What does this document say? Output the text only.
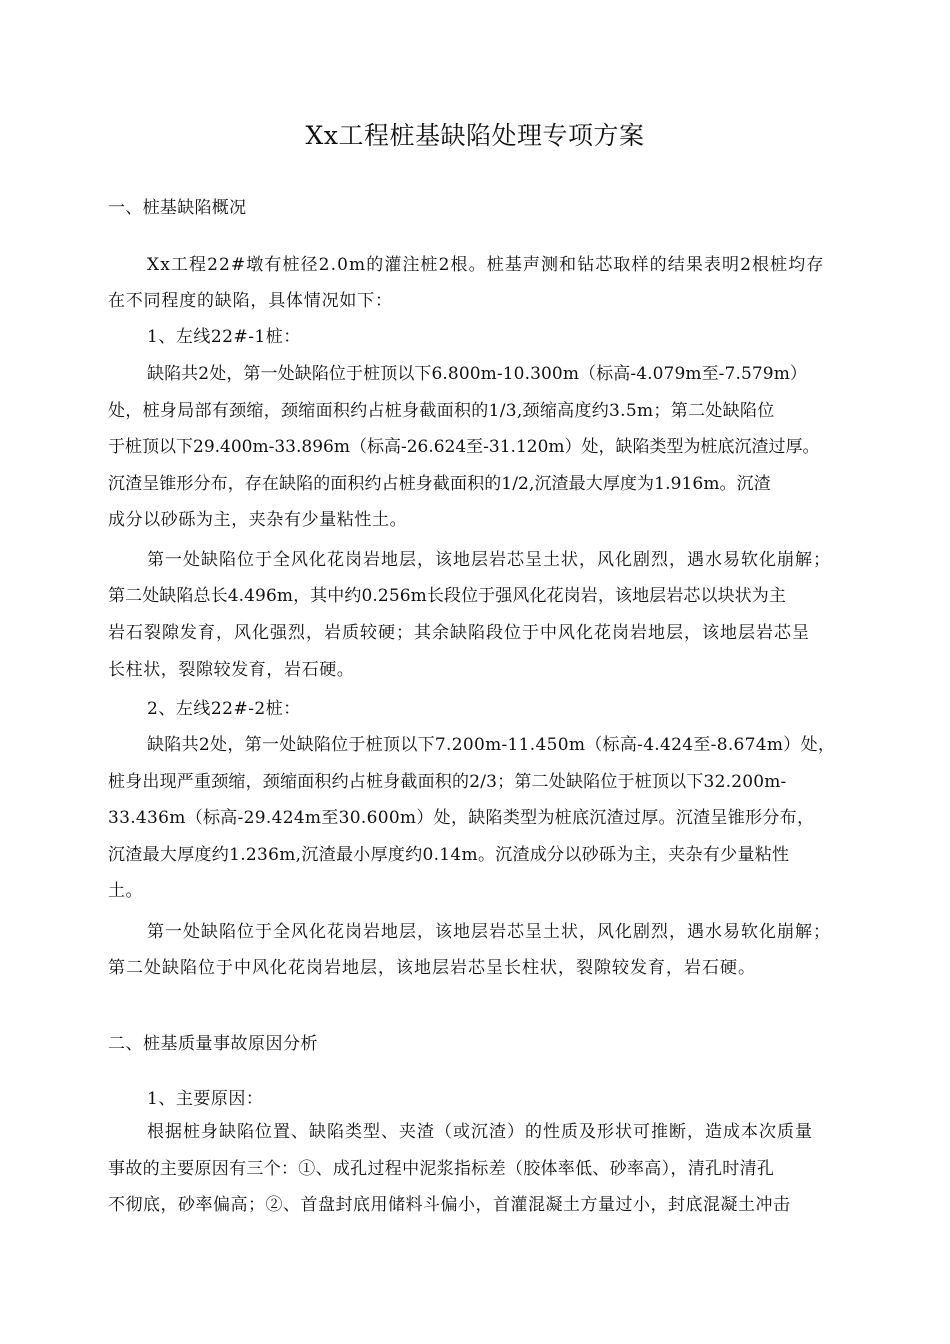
Xx工程桩基缺陷处理专项方案
一、桩基缺陷概况
Xx工程22#墩有桩径2.0m的灌注桩2根。桩基声测和钻芯取样的结果表明2根桩均存
在不同程度的缺陷，具体情况如下：
1、左线22#-1桩：
缺陷共2处，第一处缺陷位于桩顶以下6.800m-10.300m（标高-4.079m至-7.579m）
处，桩身局部有颈缩，颈缩面积约占桩身截面积的1/3,颈缩高度约3.5m；第二处缺陷位
于桩顶以下29.400m-33.896m（标高-26.624至-31.120m）处，缺陷类型为桩底沉渣过厚。
沉渣呈锥形分布，存在缺陷的面积约占桩身截面积的1/2,沉渣最大厚度为1.916m。沉渣
成分以砂砾为主，夹杂有少量粘性土。
第一处缺陷位于全风化花岗岩地层，该地层岩芯呈土状，风化剧烈，遇水易软化崩解；
第二处缺陷总长4.496m，其中约0.256m长段位于强风化花岗岩，该地层岩芯以块状为主
岩石裂隙发育，风化强烈，岩质较硬；其余缺陷段位于中风化花岗岩地层，该地层岩芯呈
长柱状，裂隙较发育，岩石硬。
2、左线22#-2桩：
缺陷共2处，第一处缺陷位于桩顶以下7.200m-11.450m（标高-4.424至-8.674m）处，
桩身出现严重颈缩，颈缩面积约占桩身截面积的2/3；第二处缺陷位于桩顶以下32.200m-
33.436m（标高-29.424m至30.600m）处，缺陷类型为桩底沉渣过厚。沉渣呈锥形分布，
沉渣最大厚度约1.236m,沉渣最小厚度约0.14m。沉渣成分以砂砾为主，夹杂有少量粘性
土。
第一处缺陷位于全风化花岗岩地层，该地层岩芯呈土状，风化剧烈，遇水易软化崩解；
第二处缺陷位于中风化花岗岩地层，该地层岩芯呈长柱状，裂隙较发育，岩石硬。
二、桩基质量事故原因分析
1、主要原因：
根据桩身缺陷位置、缺陷类型、夹渣（或沉渣）的性质及形状可推断，造成本次质量
事故的主要原因有三个：①、成孔过程中泥浆指标差（胶体率低、砂率高），清孔时清孔
不彻底，砂率偏高；②、首盘封底用储料斗偏小，首灌混凝土方量过小，封底混凝土冲击
